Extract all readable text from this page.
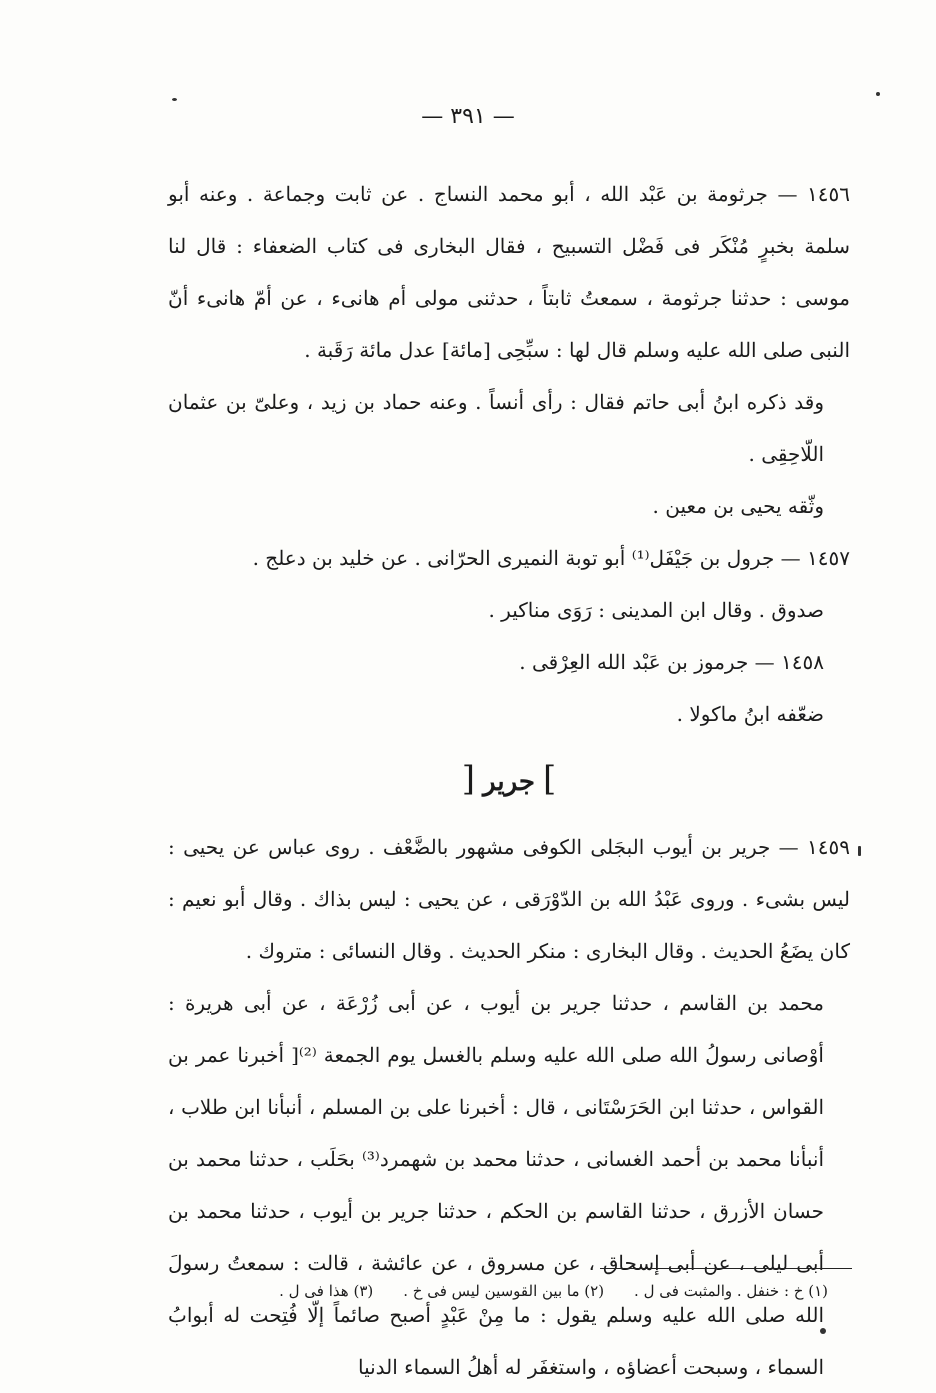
— ٣٩١ —

١٤٥٦ — جرثومة بن عَبْد الله ، أبو محمد النساج . عن ثابت وجماعة . وعنه أبو سلمة بخبرٍ مُنْكَر فى فَضْل التسبيح ، فقال البخارى فى كتاب الضعفاء : قال لنا موسى : حدثنا جرثومة ، سمعتُ ثابتاً ، حدثنى مولى أم هانىء ، عن أمّ هانىء أنّ النبى صلى الله عليه وسلم قال لها : سبِّحِى [مائة] عدل مائة رَقَبة .

وقد ذكره ابنُ أبى حاتم فقال : رأى أنساً . وعنه حماد بن زيد ، وعلىّ بن عثمان اللّاحِقِى .

وثّقه يحيى بن معين .

١٤٥٧ — جرول بن جَيْفَل⁽¹⁾ أبو توبة النميرى الحرّانى . عن خليد بن دعلج .

صدوق . وقال ابن المدينى : رَوَى مناكير .

١٤٥٨ — جرموز بن عَبْد الله العِرْقى .

ضعّفه ابنُ ماكولا .

]جرير[

١٤٥٩ — جرير بن أيوب البجَلى الكوفى مشهور بالضَّعْف . روى عباس عن يحيى : ليس بشىء . وروى عَبْدُ الله بن الدّوْرَقى ، عن يحيى : ليس بذاك . وقال أبو نعيم : كان يضَعُ الحديث . وقال البخارى : منكر الحديث . وقال النسائى : متروك .

محمد بن القاسم ، حدثنا جرير بن أيوب ، عن أبى زُرْعَة ، عن أبى هريرة : أوْصانى رسولُ الله صلى الله عليه وسلم بالغسل يوم الجمعة ⁽²⁾[ أخبرنا عمر بن القواس ، حدثنا ابن الحَرَسْتَانى ، قال : أخبرنا على بن المسلم ، أنبأنا ابن طلاب ، أنبأنا محمد بن أحمد الغسانى ، حدثنا محمد بن شهمرد⁽³⁾ بحَلَب ، حدثنا محمد بن حسان الأزرق ، حدثنا القاسم بن الحكم ، حدثنا جرير بن أيوب ، حدثنا محمد بن أبى ليلى ، عن أبى إسحاق ، عن مسروق ، عن عائشة ، قالت : سمعتُ رسولَ الله صلى الله عليه وسلم يقول : ما مِنْ عَبْدٍ أصبح صائماً إلّا فُتِحت له أبوابُ السماء ، وسبحت أعضاؤه ، واستغفَر له أهلُ السماء الدنيا

(١) خ : خنفل . والمثبت فى ل .
(٢) ما بين القوسين ليس فى خ .
(٣) هذا فى ل .
